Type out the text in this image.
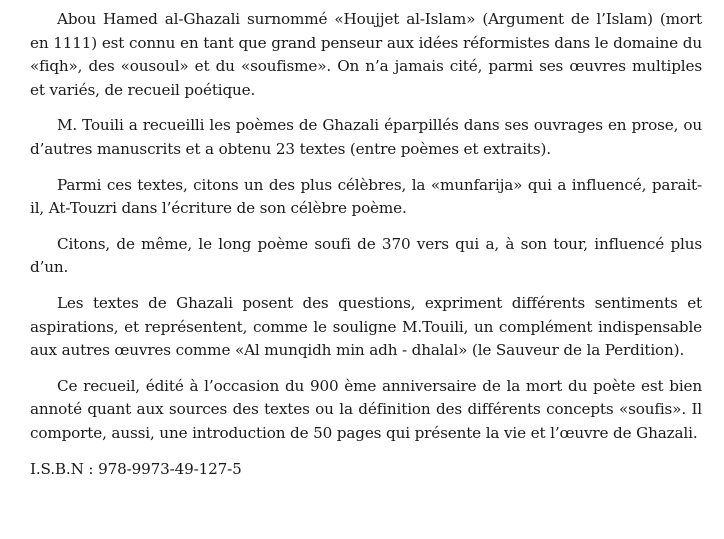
Abou Hamed al-Ghazali surnommé «Houjjet al-Islam» (Argument de l’Islam) (mort en 1111) est connu en tant que grand penseur aux idées réformistes dans le domaine du «fiqh», des «ousoul» et du «soufisme». On n’a jamais cité, parmi ses œuvres multiples et variés, de recueil poétique.

M. Touili a recueilli les poèmes de Ghazali éparpillés dans ses ouvrages en prose, ou d’autres manuscrits et a obtenu 23 textes (entre poèmes et extraits).

Parmi ces textes, citons un des plus célèbres, la «munfarija» qui a influencé, parait-il, At-Touzri dans l’écriture de son célèbre poème.

Citons, de même, le long poème soufi de 370 vers qui a, à son tour, influencé plus d’un.

Les textes de Ghazali posent des questions, expriment différents sentiments et aspirations, et représentent, comme le souligne M.Touili, un complément indispensable aux autres œuvres comme «Al munqidh min adh - dhalal» (le Sauveur de la Perdition).

Ce recueil, édité à l’occasion du 900 ème anniversaire de la mort du poète est bien annoté quant aux sources des textes ou la définition des différents concepts «soufis». Il comporte, aussi, une introduction de 50 pages qui présente la vie et l’œuvre de Ghazali.

I.S.B.N : 978-9973-49-127-5
